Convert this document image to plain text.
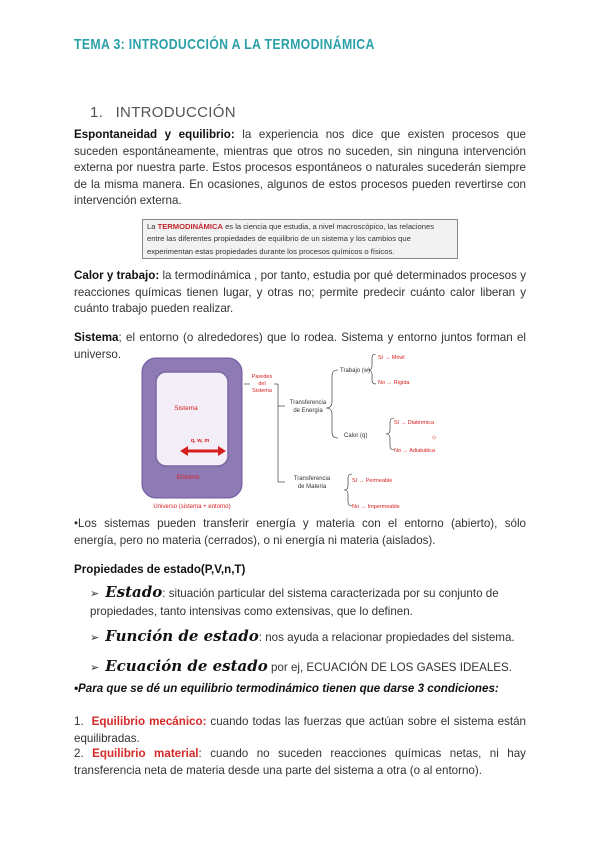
TEMA 3: INTRODUCCIÓN A LA TERMODINÁMICA
1. INTRODUCCIÓN

Espontaneidad y equilibrio: la experiencia nos dice que existen procesos que suceden espontáneamente, mientras que otros no suceden, sin ninguna intervención externa por nuestra parte. Estos procesos espontáneos o naturales sucederán siempre de la misma manera. En ocasiones, algunos de estos procesos pueden revertirse con intervención externa.

La TERMODINÁMICA es la ciencia que estudia, a nivel macroscópico, las relaciones entre las diferentes propiedades de equilibrio de un sistema y los cambios que experimentan estas propiedades durante los procesos químicos o físicos.

Calor y trabajo: la termodinámica , por tanto, estudia por qué determinados procesos y reacciones químicas tienen lugar, y otras no; permite predecir cuánto calor liberan y cuánto trabajo pueden realizar.

Sistema; el entorno (o alrededores) que lo rodea. Sistema y entorno juntos forman el universo.

Sistema
q, w, m
Entorno
Universo (sistema + entorno)
Paredes
del
Sistema
Transferencia
de Energía
Trabajo (w)
Sí → Móvil
No → Rígida
Calor (q)
Sí → Diatérmica
No → Adiabática
⬦
Transferencia
de Materia
Sí → Permeable
No → Impermeable

•Los sistemas pueden transferir energía y materia con el entorno (abierto), sólo energía, pero no materia (cerrados), o ni energía ni materia (aislados).

Propiedades de estado(P,V,n,T)
➢ Estado: situación particular del sistema caracterizada por su conjunto de propiedades, tanto intensivas como extensivas, que lo definen.
➢ Función de estado: nos ayuda a relacionar propiedades del sistema.
➢ Ecuación de estado por ej, ECUACIÓN DE LOS GASES IDEALES.
•Para que se dé un equilibrio termodinámico tienen que darse 3 condiciones:
1. Equilibrio mecánico: cuando todas las fuerzas que actúan sobre el sistema están equilibradas.
2. Equilibrio material: cuando no suceden reacciones químicas netas, ni hay transferencia neta de materia desde una parte del sistema a otra (o al entorno).
